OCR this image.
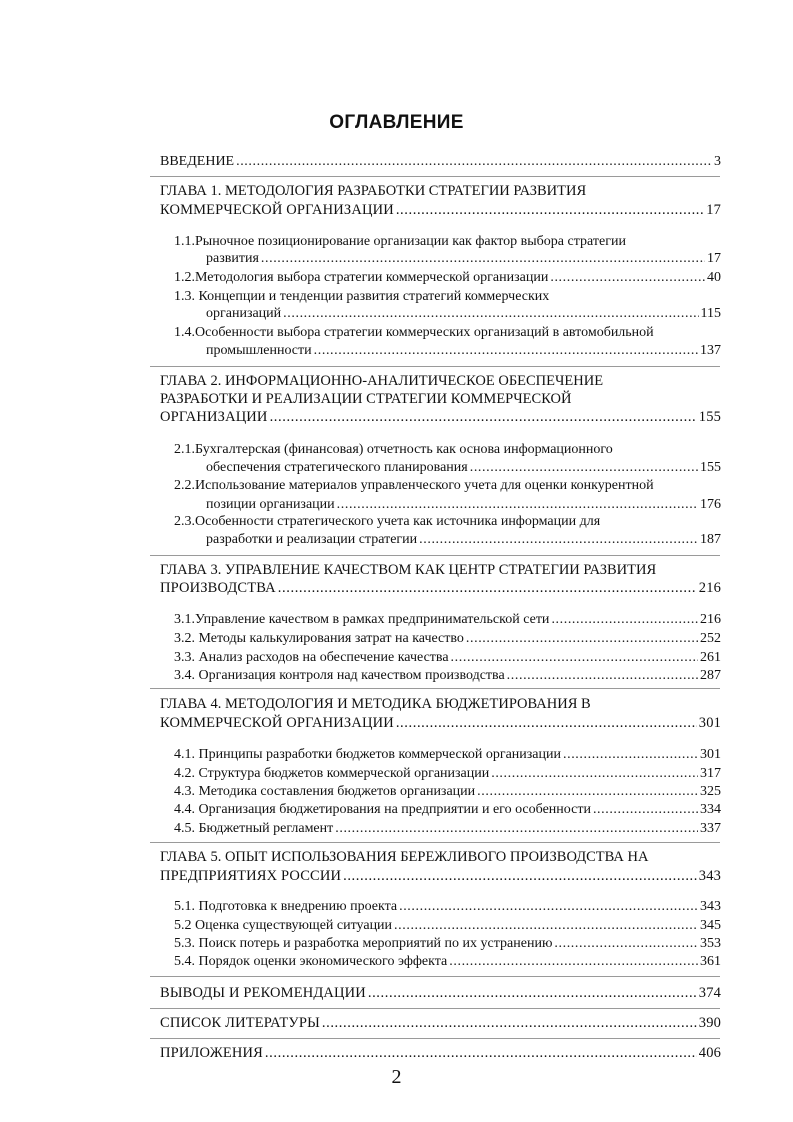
ОГЛАВЛЕНИЕ
ВВЕДЕНИЕ .....	3
ГЛАВА 1. МЕТОДОЛОГИЯ РАЗРАБОТКИ СТРАТЕГИИ РАЗВИТИЯ
КОММЕРЧЕСКОЙ ОРГАНИЗАЦИИ .....	17
1.1.Рыночное позиционирование организации как фактор выбора стратегии
развития .....	17
1.2.Методология выбора стратегии коммерческой организации .....	40
1.3. Концепции и тенденции развития стратегий коммерческих
организаций .....	115
1.4.Особенности выбора стратегии коммерческих организаций в автомобильной
промышленности .....	137
ГЛАВА 2. ИНФОРМАЦИОННО-АНАЛИТИЧЕСКОЕ ОБЕСПЕЧЕНИЕ
РАЗРАБОТКИ И РЕАЛИЗАЦИИ СТРАТЕГИИ КОММЕРЧЕСКОЙ
ОРГАНИЗАЦИИ .....	155
2.1.Бухгалтерская (финансовая) отчетность как основа информационного
обеспечения стратегического планирования .....	155
2.2.Использование материалов управленческого учета для оценки конкурентной
позиции организации .....	176
2.3.Особенности стратегического учета как источника информации для
разработки и реализации стратегии .....	187
ГЛАВА 3. УПРАВЛЕНИЕ КАЧЕСТВОМ КАК ЦЕНТР СТРАТЕГИИ РАЗВИТИЯ
ПРОИЗВОДСТВА .....	216
3.1.Управление качеством в рамках предпринимательской сети .....	216
3.2. Методы калькулирования затрат на качество .....	252
3.3. Анализ расходов на обеспечение качества .....	261
3.4. Организация контроля над качеством производства .....	287
ГЛАВА 4. МЕТОДОЛОГИЯ И МЕТОДИКА БЮДЖЕТИРОВАНИЯ В
КОММЕРЧЕСКОЙ ОРГАНИЗАЦИИ .....	301
4.1. Принципы разработки бюджетов коммерческой организации .....	301
4.2. Структура бюджетов коммерческой организации .....	317
4.3. Методика составления бюджетов организации .....	325
4.4. Организация бюджетирования на предприятии и его особенности .....	334
4.5. Бюджетный регламент .....	337
ГЛАВА 5. ОПЫТ ИСПОЛЬЗОВАНИЯ БЕРЕЖЛИВОГО ПРОИЗВОДСТВА НА
ПРЕДПРИЯТИЯХ РОССИИ .....	343
5.1. Подготовка к внедрению проекта .....	343
5.2 Оценка существующей ситуации .....	345
5.3. Поиск потерь и разработка мероприятий по их устранению .....	353
5.4. Порядок оценки экономического эффекта .....	361
ВЫВОДЫ И РЕКОМЕНДАЦИИ .....	374
СПИСОК ЛИТЕРАТУРЫ .....	390
ПРИЛОЖЕНИЯ .....	406
2
